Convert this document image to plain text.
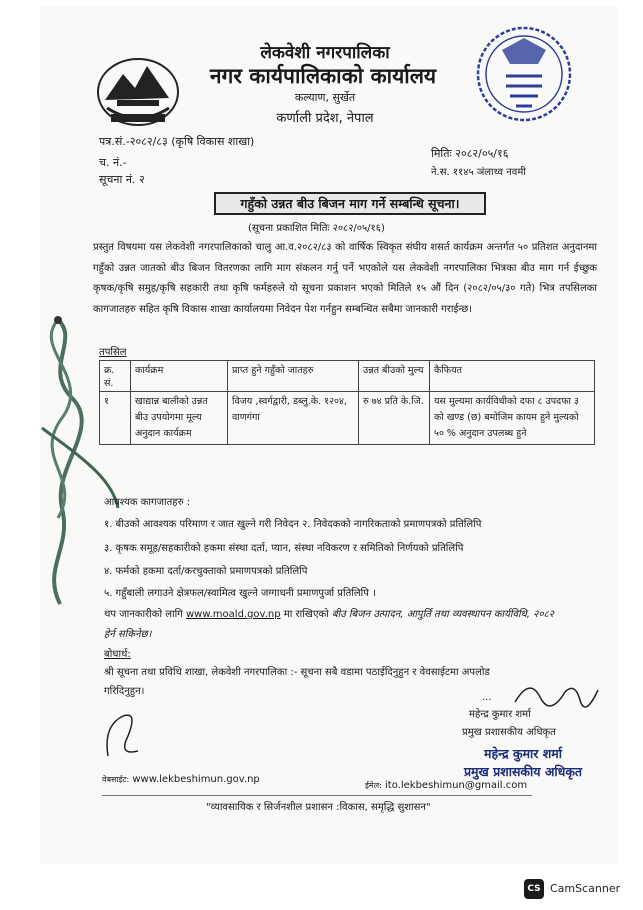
लेकवेशी नगरपालिका
नगर कार्यपालिकाको कार्यालय
कल्याण, सुर्खेत
कर्णाली प्रदेश, नेपाल
पत्र.सं.-२०८२/८३ (कृषि विकास शाखा)
च. नं.-
सूचना नं. २
मितिः २०८२/०५/१६
ने.स. ११४५ ञंलाथ्व नवमी
गहुँको उन्नत बीउ बिजन माग गर्ने सम्बन्धि सूचना।
(सूचना प्रकाशित मितिः २०८२/०५/१६)
प्रस्तुत विषयमा यस लेकवेशी नगरपालिकाको चालु आ.व.२०८२/८३ को वार्षिक स्विकृत संघीय शसर्त कार्यक्रम अन्तर्गत ५० प्रतिशत अनुदानमा गहुँको उन्नत जातको बीउ बिजन वितरणका लागि माग संकलन गर्नु पर्ने भएकोले यस लेकवेशी नगरपालिका भित्रका बीउ माग गर्न ईच्छुक कृषक/कृषि समुह/कृषि सहकारी तथा कृषि फर्महरुले यो सूचना प्रकाशन भएको मितिले १५ औं दिन (२०८२/०५/३० गते) भित्र तपसिलका कागजातहरु सहित कृषि विकास शाखा कार्यालयमा निवेदन पेश गर्नहुन सम्बन्धित सबैमा जानकारी गराईन्छ।
तपसिल
क्र. सं.	कार्यक्रम	प्राप्त हुने गहुँको जातहरु	उन्नत बीउको मुल्य	कैफियत
१	खाद्यान्न बालीको उन्नत बीउ उपयोगमा मूल्य अनुदान कार्यक्रम	विजय ,स्वर्गद्वारी, डब्लु.के. १२०४, वाणगंगा	रु ७४ प्रति के.जि.	यस मुल्यमा कार्यविधीको दफा ८ उपदफा ३ को खण्ड (छ) बमोजिम कायम हुने मुल्यको ५० % अनुदान उपलब्ध हुने
आवश्यक कागजातहरु :
१. बीउको आवश्यक परिमाण र जात खुल्ने गरी निवेदन २. निवेदकको नागरिकताको प्रमाणपत्रको प्रतिलिपि
३. कृषक समूह/सहकारीको हकमा संस्था दर्ता, प्यान, संस्था नविकरण र समितिको निर्णयको प्रतिलिपि
४. फर्मको हकमा दर्ता/करचुक्ताको प्रमाणपत्रको प्रतिलिपि
५. गहुँबाली लगाउने क्षेत्रफल/स्वामित्व खुल्ने जग्गाधनी प्रमाणपुर्जा प्रतिलिपि ।
थप जानकारीको लागि www.moald.gov.np मा राखिएको बीउ बिजन उत्पादन, आपुर्ति तथा व्यवस्थापन कार्यविधि, २०८२
हेर्न सकिनेछ।
बोधार्थ:
श्री सूचना तथा प्रविधि शाखा, लेकवेशी नगरपालिका :- सूचना सबै वडामा पठाईदिनुहुन र वेवसाईटमा अपलोड
गरिदिनुहुन।
...
महेन्द्र कुमार शर्मा
प्रमुख प्रशासकीय अधिकृत
महेन्द्र कुमार शर्मा
प्रमुख प्रशासकीय अधिकृत
वेबसाईट: www.lekbeshimun.gov.np
ईमेल: ito.lekbeshimun@gmail.com
"व्यावसायिक र सिर्जनशील प्रशासन :विकास, समृद्धि सुशासन"
CS CamScanner
